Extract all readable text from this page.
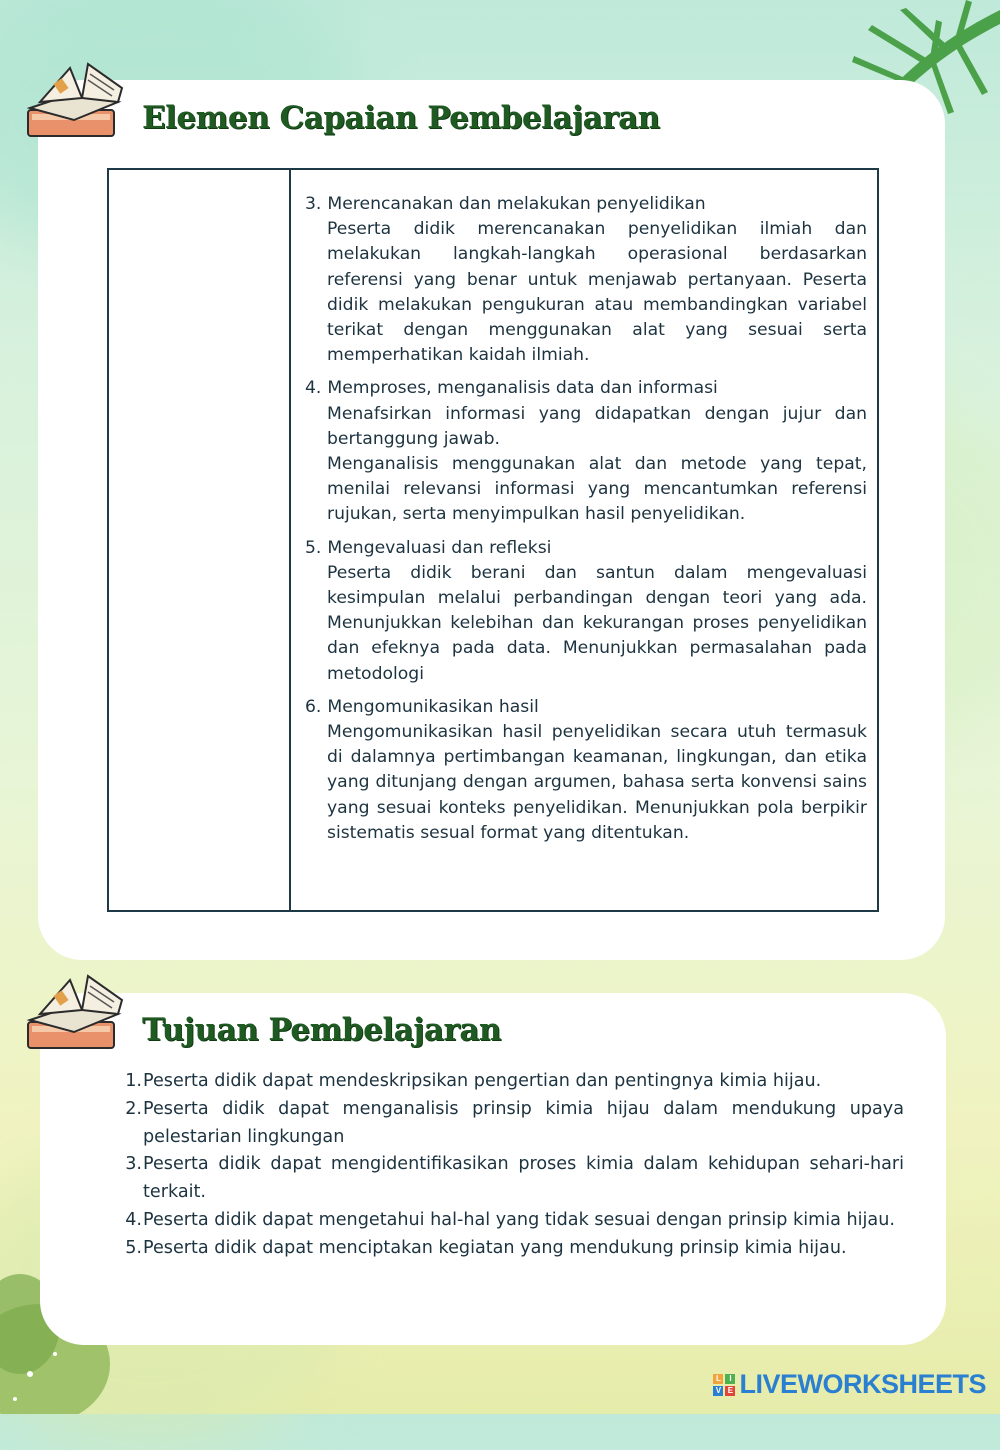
Elemen Capaian Pembelajaran
3. Merencanakan dan melakukan penyelidikan

Peserta didik merencanakan penyelidikan ilmiah dan melakukan langkah-langkah operasional berdasarkan referensi yang benar untuk menjawab pertanyaan. Peserta didik melakukan pengukuran atau membandingkan variabel terikat dengan menggunakan alat yang sesuai serta memperhatikan kaidah ilmiah.

4. Memproses, menganalisis data dan informasi

Menafsirkan informasi yang didapatkan dengan jujur dan bertanggung jawab.

Menganalisis menggunakan alat dan metode yang tepat, menilai relevansi informasi yang mencantumkan referensi rujukan, serta menyimpulkan hasil penyelidikan.

5. Mengevaluasi dan refleksi

Peserta didik berani dan santun dalam mengevaluasi kesimpulan melalui perbandingan dengan teori yang ada. Menunjukkan kelebihan dan kekurangan proses penyelidikan dan efeknya pada data. Menunjukkan permasalahan pada metodologi

6. Mengomunikasikan hasil

Mengomunikasikan hasil penyelidikan secara utuh termasuk di dalamnya pertimbangan keamanan, lingkungan, dan etika yang ditunjang dengan argumen, bahasa serta konvensi sains yang sesuai konteks penyelidikan. Menunjukkan pola berpikir sistematis sesual format yang ditentukan.

Tujuan Pembelajaran
1. Peserta didik dapat mendeskripsikan pengertian dan pentingnya kimia hijau.
2. Peserta didik dapat menganalisis prinsip kimia hijau dalam mendukung upaya pelestarian lingkungan
3. Peserta didik dapat mengidentifikasikan proses kimia dalam kehidupan sehari-hari terkait.
4. Peserta didik dapat mengetahui hal-hal yang tidak sesuai dengan prinsip kimia hijau.
5. Peserta didik dapat menciptakan kegiatan yang mendukung prinsip kimia hijau.
L	I
V E LIVEWORKSHEETS
